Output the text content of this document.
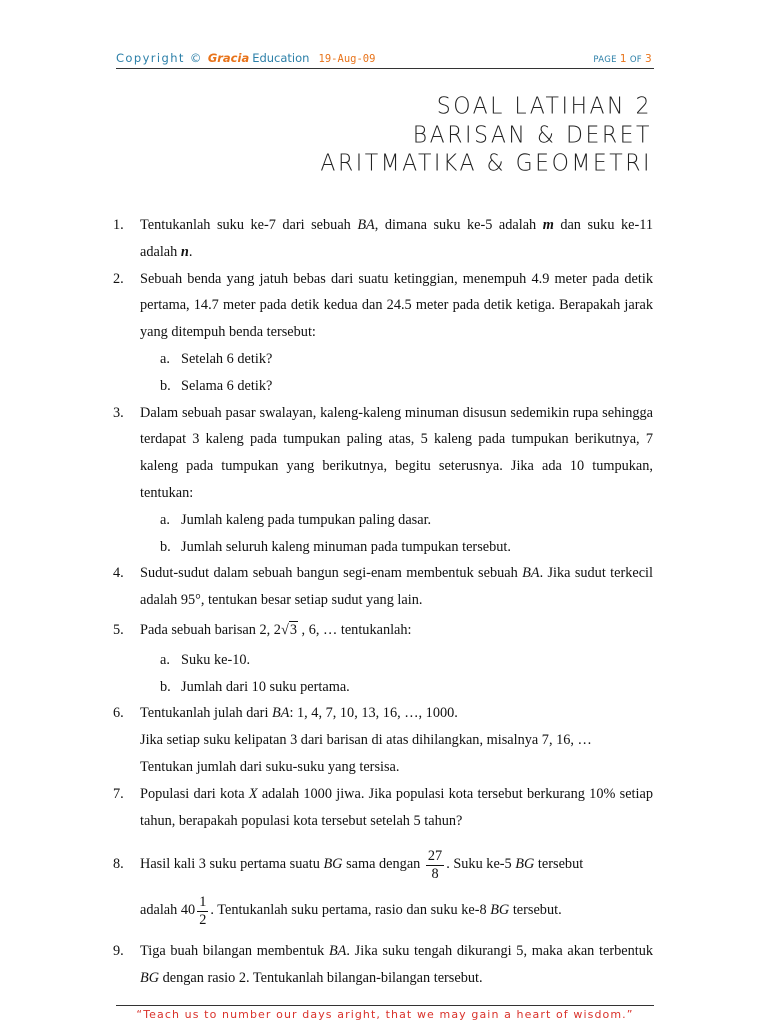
Copyright © Gracia Education 19-Aug-09	PAGE 1 OF 3
SOAL LATIHAN 2
BARISAN & DERET
ARITMATIKA & GEOMETRI
1. Tentukanlah suku ke-7 dari sebuah BA, dimana suku ke-5 adalah m dan suku ke-11 adalah n.
2. Sebuah benda yang jatuh bebas dari suatu ketinggian, menempuh 4.9 meter pada detik pertama, 14.7 meter pada detik kedua dan 24.5 meter pada detik ketiga. Berapakah jarak yang ditempuh benda tersebut:
a. Setelah 6 detik?
b. Selama 6 detik?
3. Dalam sebuah pasar swalayan, kaleng-kaleng minuman disusun sedemikin rupa sehingga terdapat 3 kaleng pada tumpukan paling atas, 5 kaleng pada tumpukan berikutnya, 7 kaleng pada tumpukan yang berikutnya, begitu seterusnya. Jika ada 10 tumpukan, tentukan:
a. Jumlah kaleng pada tumpukan paling dasar.
b. Jumlah seluruh kaleng minuman pada tumpukan tersebut.
4. Sudut-sudut dalam sebuah bangun segi-enam membentuk sebuah BA. Jika sudut terkecil adalah 95°, tentukan besar setiap sudut yang lain.
5. Pada sebuah barisan 2, 2√3 , 6, … tentukanlah:
a. Suku ke-10.
b. Jumlah dari 10 suku pertama.
6. Tentukanlah julah dari BA: 1, 4, 7, 10, 13, 16, …, 1000.
Jika setiap suku kelipatan 3 dari barisan di atas dihilangkan, misalnya 7, 16, …
Tentukan jumlah dari suku-suku yang tersisa.
7. Populasi dari kota X adalah 1000 jiwa. Jika populasi kota tersebut berkurang 10% setiap tahun, berapakah populasi kota tersebut setelah 5 tahun?
8. Hasil kali 3 suku pertama suatu BG sama dengan $\frac{27}{8}$ . Suku ke-5 BG tersebut
adalah $40 \frac{1}{2}$ . Tentukanlah suku pertama, rasio dan suku ke-8 BG tersebut.
9. Tiga buah bilangan membentuk BA. Jika suku tengah dikurangi 5, maka akan terbentuk BG dengan rasio 2. Tentukanlah bilangan-bilangan tersebut.
“Teach us to number our days aright, that we may gain a heart of wisdom.”
